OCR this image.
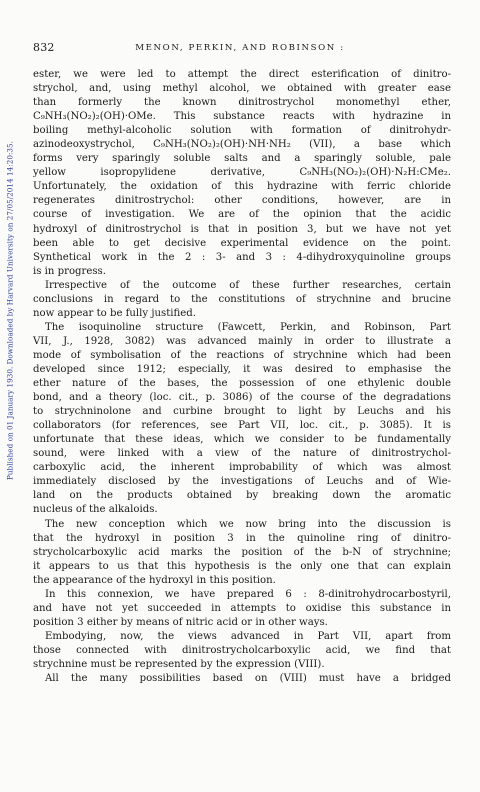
832	MENON, PERKIN, AND ROBINSON :
Published on 01 January 1930. Downloaded by Harvard University on 27/05/2014 14:20:35.
ester, we were led to attempt the direct esterification of dinitro-
strychol, and, using methyl alcohol, we obtained with greater ease
than formerly the known dinitrostrychol monomethyl ether,
C₉NH₃(NO₂)₂(OH)·OMe. This substance reacts with hydrazine in
boiling methyl-alcoholic solution with formation of dinitrohydr-
azinodeoxystrychol, C₉NH₃(NO₂)₂(OH)·NH·NH₂ (VII), a base which
forms very sparingly soluble salts and a sparingly soluble, pale
yellow isopropylidene derivative, C₉NH₃(NO₂)₂(OH)·N₂H:CMe₂.
Unfortunately, the oxidation of this hydrazine with ferric chloride
regenerates dinitrostrychol: other conditions, however, are in
course of investigation. We are of the opinion that the acidic
hydroxyl of dinitrostrychol is that in position 3, but we have not yet
been able to get decisive experimental evidence on the point.
Synthetical work in the 2 : 3- and 3 : 4-dihydroxyquinoline groups
is in progress.
Irrespective of the outcome of these further researches, certain
conclusions in regard to the constitutions of strychnine and brucine
now appear to be fully justified.
The isoquinoline structure (Fawcett, Perkin, and Robinson, Part
VII, J., 1928, 3082) was advanced mainly in order to illustrate a
mode of symbolisation of the reactions of strychnine which had been
developed since 1912; especially, it was desired to emphasise the
ether nature of the bases, the possession of one ethylenic double
bond, and a theory (loc. cit., p. 3086) of the course of the degradations
to strychninolone and curbine brought to light by Leuchs and his
collaborators (for references, see Part VII, loc. cit., p. 3085). It is
unfortunate that these ideas, which we consider to be fundamentally
sound, were linked with a view of the nature of dinitrostrychol-
carboxylic acid, the inherent improbability of which was almost
immediately disclosed by the investigations of Leuchs and of Wie-
land on the products obtained by breaking down the aromatic
nucleus of the alkaloids.
The new conception which we now bring into the discussion is
that the hydroxyl in position 3 in the quinoline ring of dinitro-
strycholcarboxylic acid marks the position of the b-N of strychnine;
it appears to us that this hypothesis is the only one that can explain
the appearance of the hydroxyl in this position.
In this connexion, we have prepared 6 : 8-dinitrohydrocarbostyril,
and have not yet succeeded in attempts to oxidise this substance in
position 3 either by means of nitric acid or in other ways.
Embodying, now, the views advanced in Part VII, apart from
those connected with dinitrostrycholcarboxylic acid, we find that
strychnine must be represented by the expression (VIII).
All the many possibilities based on (VIII) must have a bridged
